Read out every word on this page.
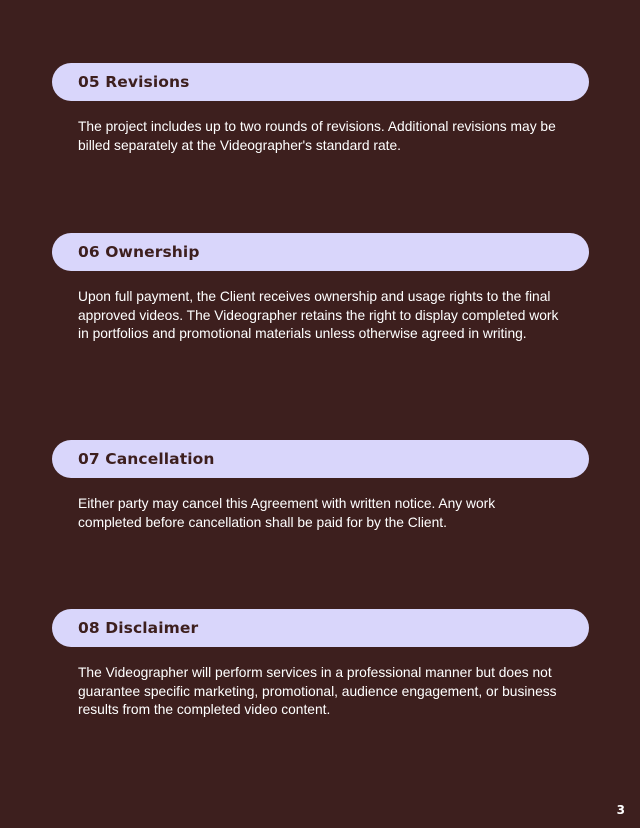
05 Revisions
The project includes up to two rounds of revisions. Additional revisions may be billed separately at the Videographer's standard rate.
06 Ownership
Upon full payment, the Client receives ownership and usage rights to the final approved videos. The Videographer retains the right to display completed work in portfolios and promotional materials unless otherwise agreed in writing.
07 Cancellation
Either party may cancel this Agreement with written notice. Any work completed before cancellation shall be paid for by the Client.
08 Disclaimer
The Videographer will perform services in a professional manner but does not guarantee specific marketing, promotional, audience engagement, or business results from the completed video content.
3
